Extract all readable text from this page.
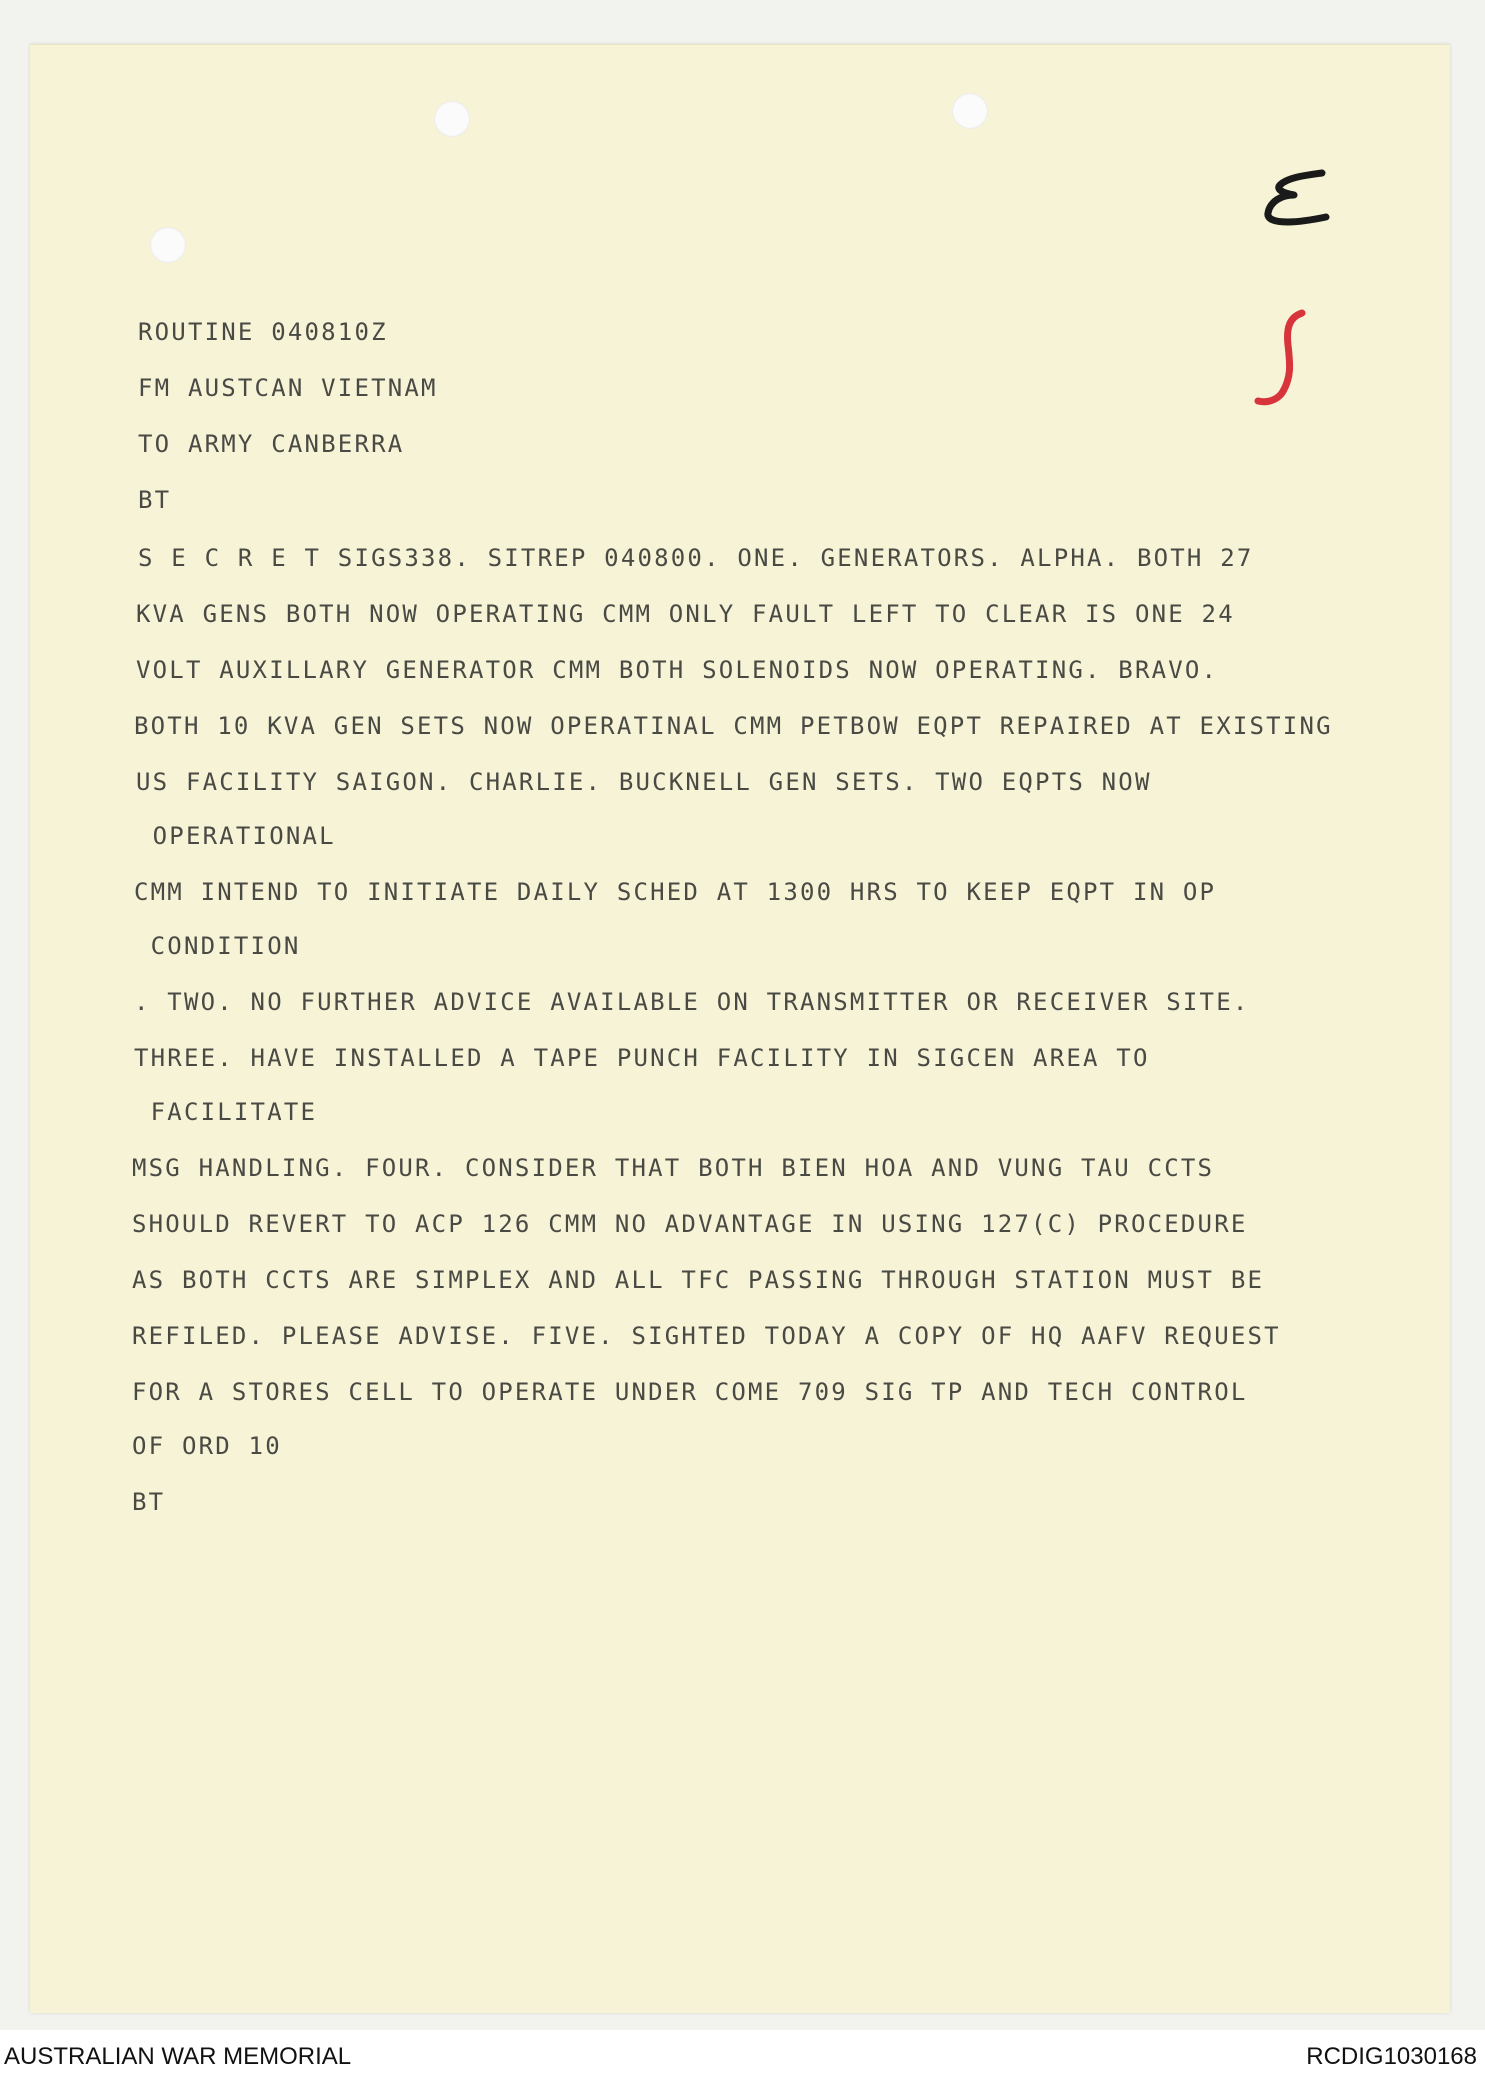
ROUTINE 040810Z

FM AUSTCAN VIETNAM

TO ARMY CANBERRA

BT

S E C R E T SIGS338. SITREP 040800. ONE. GENERATORS. ALPHA. BOTH 27

KVA GENS BOTH NOW OPERATING CMM ONLY FAULT LEFT TO CLEAR IS ONE 24

VOLT AUXILLARY GENERATOR CMM BOTH SOLENOIDS NOW OPERATING. BRAVO.

BOTH 10 KVA GEN SETS NOW OPERATINAL CMM PETBOW EQPT REPAIRED AT EXISTING

US FACILITY SAIGON. CHARLIE. BUCKNELL GEN SETS. TWO EQPTS NOW

OPERATIONAL

CMM INTEND TO INITIATE DAILY SCHED AT 1300 HRS TO KEEP EQPT IN OP

CONDITION

. TWO. NO FURTHER ADVICE AVAILABLE ON TRANSMITTER OR RECEIVER SITE.

THREE. HAVE INSTALLED A TAPE PUNCH FACILITY IN SIGCEN AREA TO

FACILITATE

MSG HANDLING. FOUR. CONSIDER THAT BOTH BIEN HOA AND VUNG TAU CCTS

SHOULD REVERT TO ACP 126 CMM NO ADVANTAGE IN USING 127(C) PROCEDURE

AS BOTH CCTS ARE SIMPLEX AND ALL TFC PASSING THROUGH STATION MUST BE

REFILED. PLEASE ADVISE. FIVE. SIGHTED TODAY A COPY OF HQ AAFV REQUEST

FOR A STORES CELL TO OPERATE UNDER COME 709 SIG TP AND TECH CONTROL

OF ORD 10

BT

AUSTRALIAN WAR MEMORIAL	RCDIG1030168
